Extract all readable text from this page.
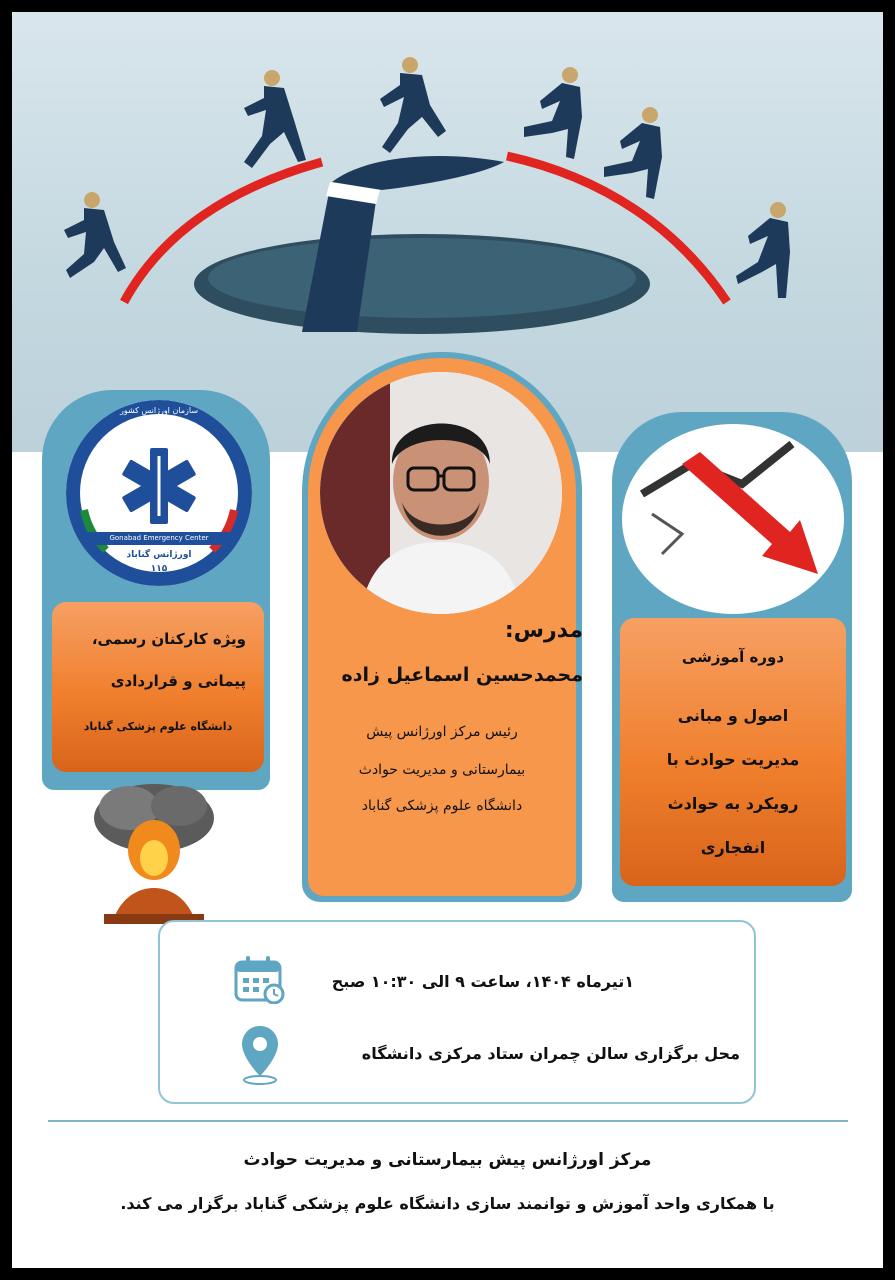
سازمان اورژانس کشور
Gonabad Emergency Center
اورژانس گناباد
۱۱۵
ویژه کارکنان رسمی،
پیمانی و قراردادی
دانشگاه علوم پزشکی گناباد
مدرس:
محمدحسین اسماعیل زاده
رئیس مرکز اورژانس پیش
بیمارستانی و مدیریت حوادث
دانشگاه علوم پزشکی گناباد
دوره آموزشی
اصول و مبانی
مدیریت حوادث با
رویکرد به حوادث
انفجاری
۱تیرماه ۱۴۰۴، ساعت ۹ الی ۱۰:۳۰ صبح
محل برگزاری سالن چمران ستاد مرکزی دانشگاه
مرکز اورژانس پیش بیمارستانی و مدیریت حوادث
با همکاری واحد آموزش و توانمند سازی دانشگاه علوم پزشکی گناباد برگزار می کند.
